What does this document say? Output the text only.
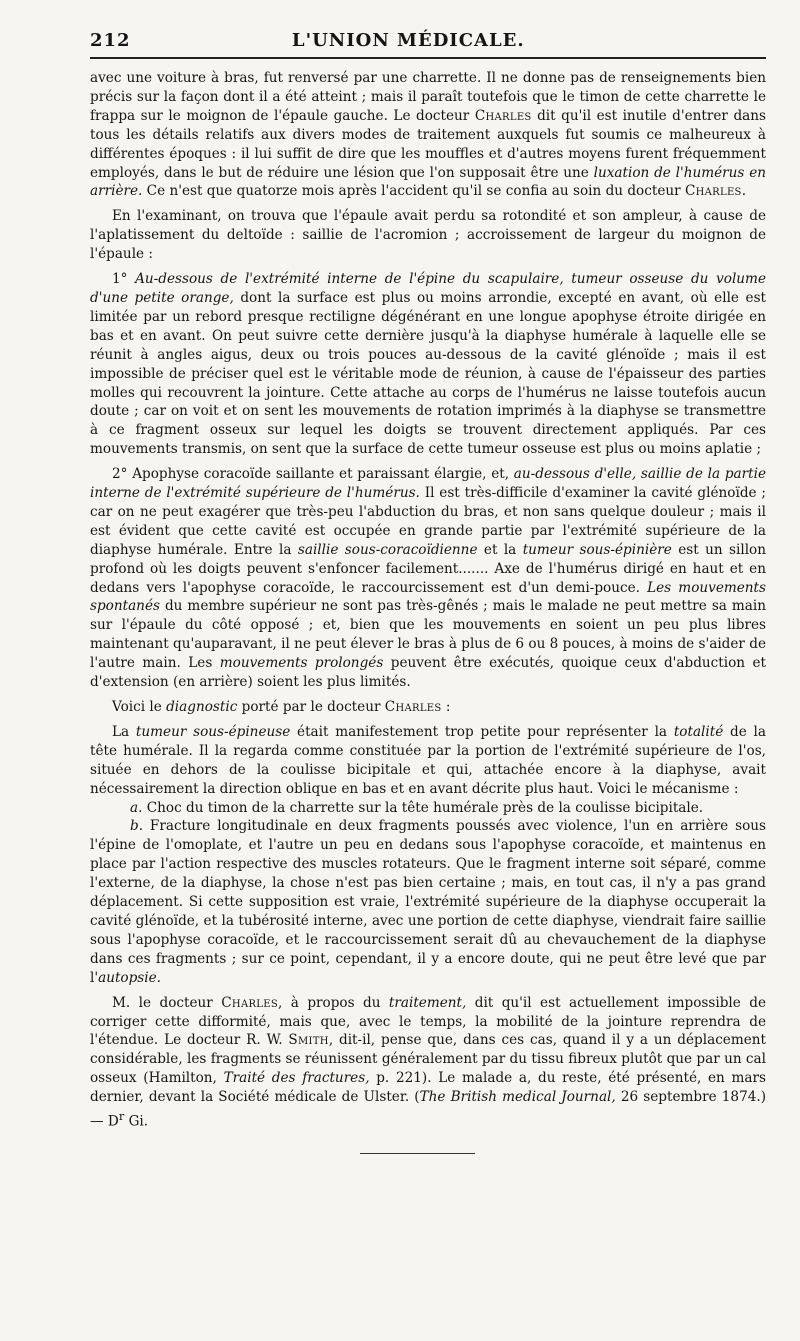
212	L'UNION MÉDICALE.

avec une voiture à bras, fut renversé par une charrette. Il ne donne pas de renseignements bien précis sur la façon dont il a été atteint ; mais il paraît toutefois que le timon de cette charrette le frappa sur le moignon de l'épaule gauche. Le docteur Charles dit qu'il est inutile d'entrer dans tous les détails relatifs aux divers modes de traitement auxquels fut soumis ce malheureux à différentes époques : il lui suffit de dire que les mouffles et d'autres moyens furent fréquemment employés, dans le but de réduire une lésion que l'on supposait être une luxation de l'humérus en arrière. Ce n'est que quatorze mois après l'accident qu'il se confia au soin du docteur Charles.

En l'examinant, on trouva que l'épaule avait perdu sa rotondité et son ampleur, à cause de l'aplatissement du deltoïde : saillie de l'acromion ; accroissement de largeur du moignon de l'épaule :

1° Au-dessous de l'extrémité interne de l'épine du scapulaire, tumeur osseuse du volume d'une petite orange, dont la surface est plus ou moins arrondie, excepté en avant, où elle est limitée par un rebord presque rectiligne dégénérant en une longue apophyse étroite dirigée en bas et en avant. On peut suivre cette dernière jusqu'à la diaphyse humérale à laquelle elle se réunit à angles aigus, deux ou trois pouces au-dessous de la cavité glénoïde ; mais il est impossible de préciser quel est le véritable mode de réunion, à cause de l'épaisseur des parties molles qui recouvrent la jointure. Cette attache au corps de l'humérus ne laisse toutefois aucun doute ; car on voit et on sent les mouvements de rotation imprimés à la diaphyse se transmettre à ce fragment osseux sur lequel les doigts se trouvent directement appliqués. Par ces mouvements transmis, on sent que la surface de cette tumeur osseuse est plus ou moins aplatie ;

2° Apophyse coracoïde saillante et paraissant élargie, et, au-dessous d'elle, saillie de la partie interne de l'extrémité supérieure de l'humérus. Il est très-difficile d'examiner la cavité glénoïde ; car on ne peut exagérer que très-peu l'abduction du bras, et non sans quelque douleur ; mais il est évident que cette cavité est occupée en grande partie par l'extrémité supérieure de la diaphyse humérale. Entre la saillie sous-coracoïdienne et la tumeur sous-épinière est un sillon profond où les doigts peuvent s'enfoncer facilement....... Axe de l'humérus dirigé en haut et en dedans vers l'apophyse coracoïde, le raccourcissement est d'un demi-pouce. Les mouvements spontanés du membre supérieur ne sont pas très-gênés ; mais le malade ne peut mettre sa main sur l'épaule du côté opposé ; et, bien que les mouvements en soient un peu plus libres maintenant qu'auparavant, il ne peut élever le bras à plus de 6 ou 8 pouces, à moins de s'aider de l'autre main. Les mouvements prolongés peuvent être exécutés, quoique ceux d'abduction et d'extension (en arrière) soient les plus limités.

Voici le diagnostic porté par le docteur Charles :

La tumeur sous-épineuse était manifestement trop petite pour représenter la totalité de la tête humérale. Il la regarda comme constituée par la portion de l'extrémité supérieure de l'os, située en dehors de la coulisse bicipitale et qui, attachée encore à la diaphyse, avait nécessairement la direction oblique en bas et en avant décrite plus haut. Voici le mécanisme :

a. Choc du timon de la charrette sur la tête humérale près de la coulisse bicipitale.

b. Fracture longitudinale en deux fragments poussés avec violence, l'un en arrière sous l'épine de l'omoplate, et l'autre un peu en dedans sous l'apophyse coracoïde, et maintenus en place par l'action respective des muscles rotateurs. Que le fragment interne soit séparé, comme l'externe, de la diaphyse, la chose n'est pas bien certaine ; mais, en tout cas, il n'y a pas grand déplacement. Si cette supposition est vraie, l'extrémité supérieure de la diaphyse occuperait la cavité glénoïde, et la tubérosité interne, avec une portion de cette diaphyse, viendrait faire saillie sous l'apophyse coracoïde, et le raccourcissement serait dû au chevauchement de la diaphyse dans ces fragments ; sur ce point, cependant, il y a encore doute, qui ne peut être levé que par l'autopsie.

M. le docteur Charles, à propos du traitement, dit qu'il est actuellement impossible de corriger cette difformité, mais que, avec le temps, la mobilité de la jointure reprendra de l'étendue. Le docteur R. W. Smith, dit-il, pense que, dans ces cas, quand il y a un déplacement considérable, les fragments se réunissent généralement par du tissu fibreux plutôt que par un cal osseux (Hamilton, Traité des fractures, p. 221). Le malade a, du reste, été présenté, en mars dernier, devant la Société médicale de Ulster. (The British medical Journal, 26 septembre 1874.) — $D^r$ Gi.
